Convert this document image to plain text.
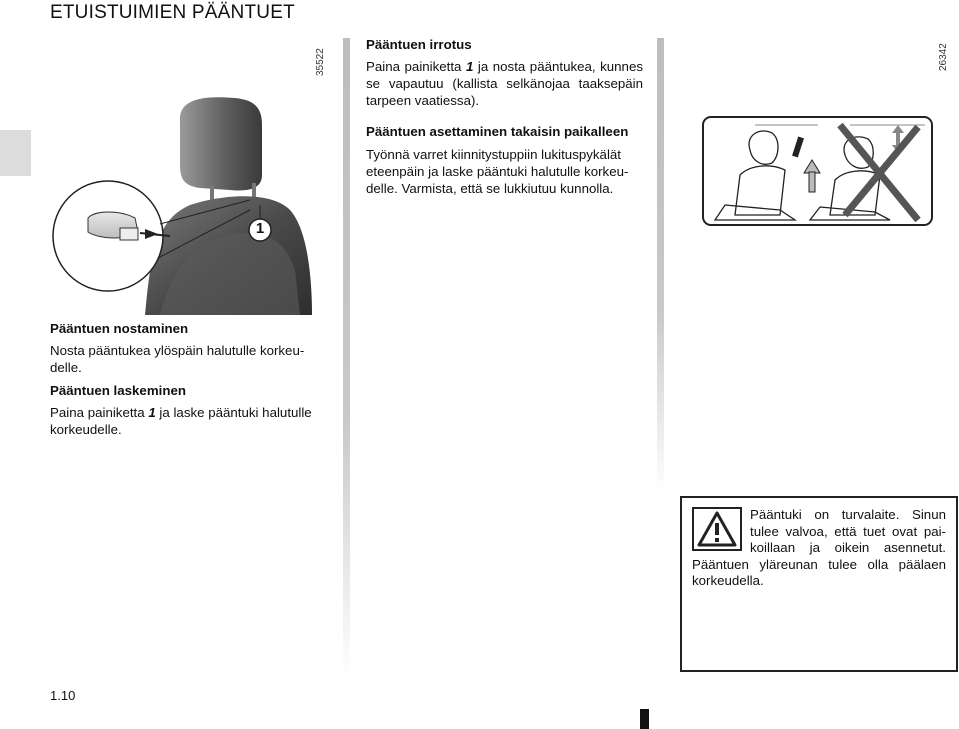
ETUISTUIMIEN PÄÄNTUET
1
35522	26342
Pääntuen nostaminen
Nosta pääntukea ylöspäin halutulle korkeu-delle.
Pääntuen laskeminen
Paina painiketta 1 ja laske pääntuki halutulle korkeudelle.
Pääntuen irrotus
Paina painiketta 1 ja nosta pääntukea, kunnes se vapautuu (kallista selkänojaa taaksepäin tarpeen vaatiessa).
Pääntuen asettaminen takaisin paikalleen
Työnnä varret kiinnitystuppiin lukituspykälät eteenpäin ja laske pääntuki halutulle korkeu-delle. Varmista, että se lukkiutuu kunnolla.
Pääntuki on turvalaite. Sinun tulee valvoa, että tuet ovat pai-koillaan ja oikein asennetut. Pääntuen yläreunan tulee olla päälaen korkeudella.
1.10
